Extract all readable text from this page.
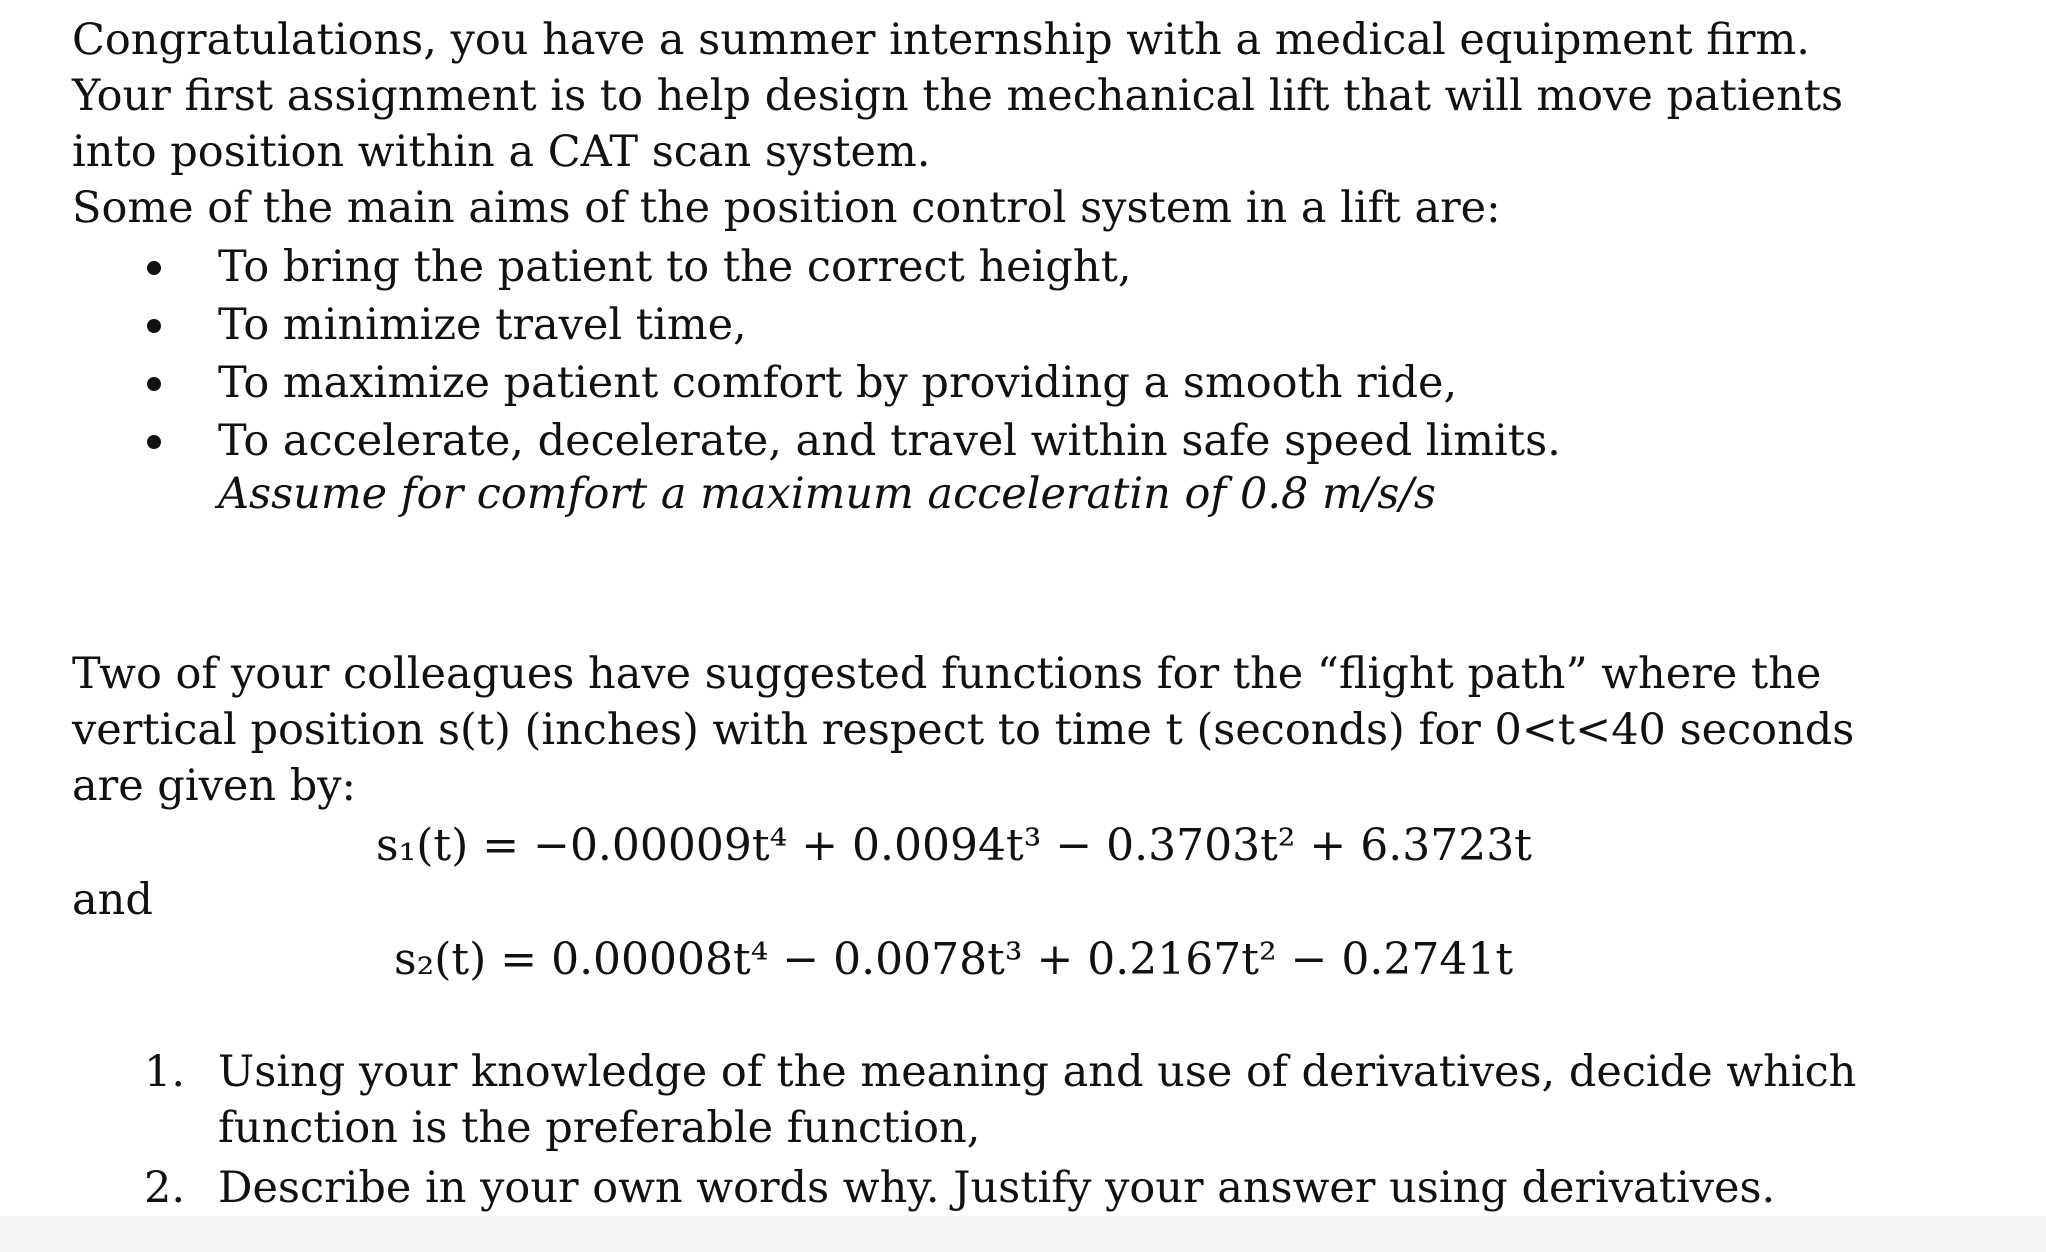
Congratulations, you have a summer internship with a medical equipment firm.
Your first assignment is to help design the mechanical lift that will move patients
into position within a CAT scan system.
Some of the main aims of the position control system in a lift are:
To bring the patient to the correct height,
To minimize travel time,
To maximize patient comfort by providing a smooth ride,
To accelerate, decelerate, and travel within safe speed limits.
Assume for comfort a maximum acceleratin of 0.8 m/s/s
Two of your colleagues have suggested functions for the “flight path” where the
vertical position s(t) (inches) with respect to time t (seconds) for 0<t<40 seconds
are given by:
s₁(t) = −0.00009t⁴ + 0.0094t³ − 0.3703t² + 6.3723t
and
s₂(t) = 0.00008t⁴ − 0.0078t³ + 0.2167t² − 0.2741t
1. Using your knowledge of the meaning and use of derivatives, decide which
function is the preferable function,
2. Describe in your own words why. Justify your answer using derivatives.
